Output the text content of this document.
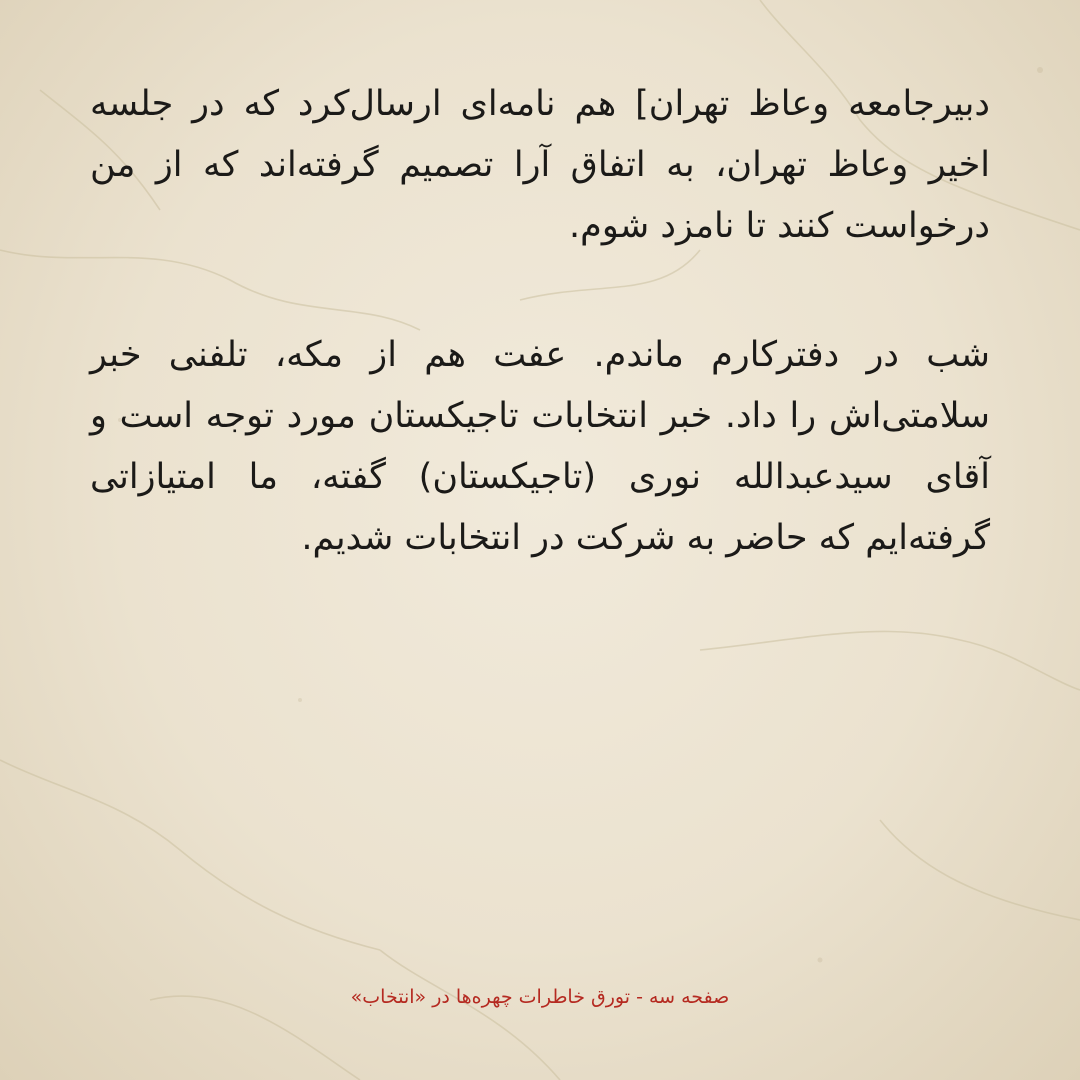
دبیرجامعه وعاظ تهران] هم نامه‌ای ارسال‌کرد که در جلسه اخیر وعاظ تهران، به اتفاق آرا تصمیم گرفته‌اند که از من درخواست کنند تا نامزد شوم.

شب در دفترکارم ماندم. عفت هم از مکه، تلفنی خبر سلامتی‌اش را داد. خبر انتخابات تاجیکستان مورد توجه است و آقای سیدعبدالله نوری (تاجیکستان) گفته، ما امتیازاتی گرفته‌ایم که حاضر به شرکت در انتخابات شدیم.

صفحه سه - تورق خاطرات چهره‌ها در «انتخاب»
